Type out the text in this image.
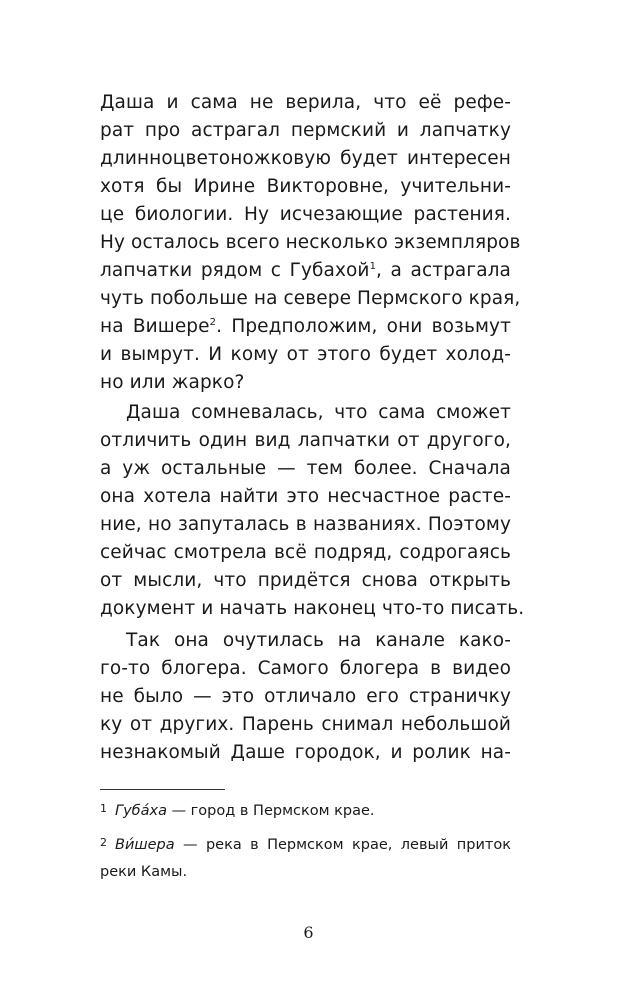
Даша и сама не верила, что её рефе-
рат про астрагал пермский и лапчатку
длинноцветоножковую будет интересен
хотя бы Ирине Викторовне, учительни-
це биологии. Ну исчезающие растения.
Ну осталось всего несколько экземпляров
лапчатки рядом с Губахой$^1$, а астрагала
чуть побольше на севере Пермского края,
на Вишере$^2$. Предположим, они возьмут
и вымрут. И кому от этого будет холод-
но или жарко?
Даша сомневалась, что сама сможет
отличить один вид лапчатки от другого,
а уж остальные — тем более. Сначала
она хотела найти это несчастное расте-
ние, но запуталась в названиях. Поэтому
сейчас смотрела всё подряд, содрогаясь
от мысли, что придётся снова открыть
документ и начать наконец что-то писать.
Так она очутилась на канале како-
го-то блогера. Самого блогера в видео
не было — это отличало его страничку
ку от других. Парень снимал небольшой
незнакомый Даше городок, и ролик на-
$^1$ Губа́ха — город в Пермском крае.
$^2$ Ви́шера — река в Пермском крае, левый приток
реки Камы.
6
